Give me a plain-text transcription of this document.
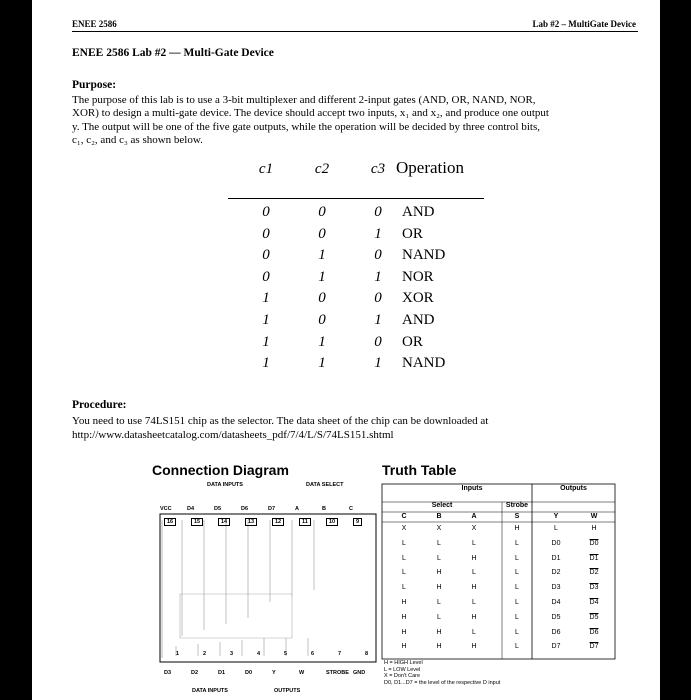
ENEE 2586	Lab #2 – MultiGate Device
ENEE 2586 Lab #2 — Multi-Gate Device
Purpose:
The purpose of this lab is to use a 3-bit multiplexer and different 2-input gates (AND, OR, NAND, NOR,
XOR) to design a multi-gate device. The device should accept two inputs, x₁ and x₂, and produce one output
y. The output will be one of the five gate outputs, while the operation will be decided by three control bits,
c₁, c₂, and c₃ as shown below.
c1	c2	c3 Operation
0	0	0	AND
0	0	1	OR
0	1	0	NAND
0	1	1	NOR
1	0	0	XOR
1	0	1	AND
1	1	0	OR
1	1	1	NAND
Procedure:
You need to use 74LS151 chip as the selector. The data sheet of the chip can be downloaded at
http://www.datasheetcatalog.com/datasheets_pdf/7/4/L/S/74LS151.shtml
Connection Diagram
DATA INPUTS	DATA SELECT
VCC
16
D4
15
D5
14
D6
13
D7
12
A
11
B
10
C
9
1
D3
2
D2
3
D1
4
D0
5
Y
6
W
7
STROBE
8
GND
DATA INPUTS	OUTPUTS
Truth Table
Inputs	Outputs
Select	Strobe
C	B	A	S	Y	W
X	X	X	H	L	H
L	L	L	L	D0	D0
L	L	H	L	D1	D1
L	H	L	L	D2	D2
L	H	H	L	D3	D3
H	L	L	L	D4	D4
H	L	H	L	D5	D5
H	H	L	L	D6	D6
H	H	H	L	D7	D7
H = HIGH Level
L = LOW Level
X = Don't Care
D0, D1...D7 = the level of the respective D input
